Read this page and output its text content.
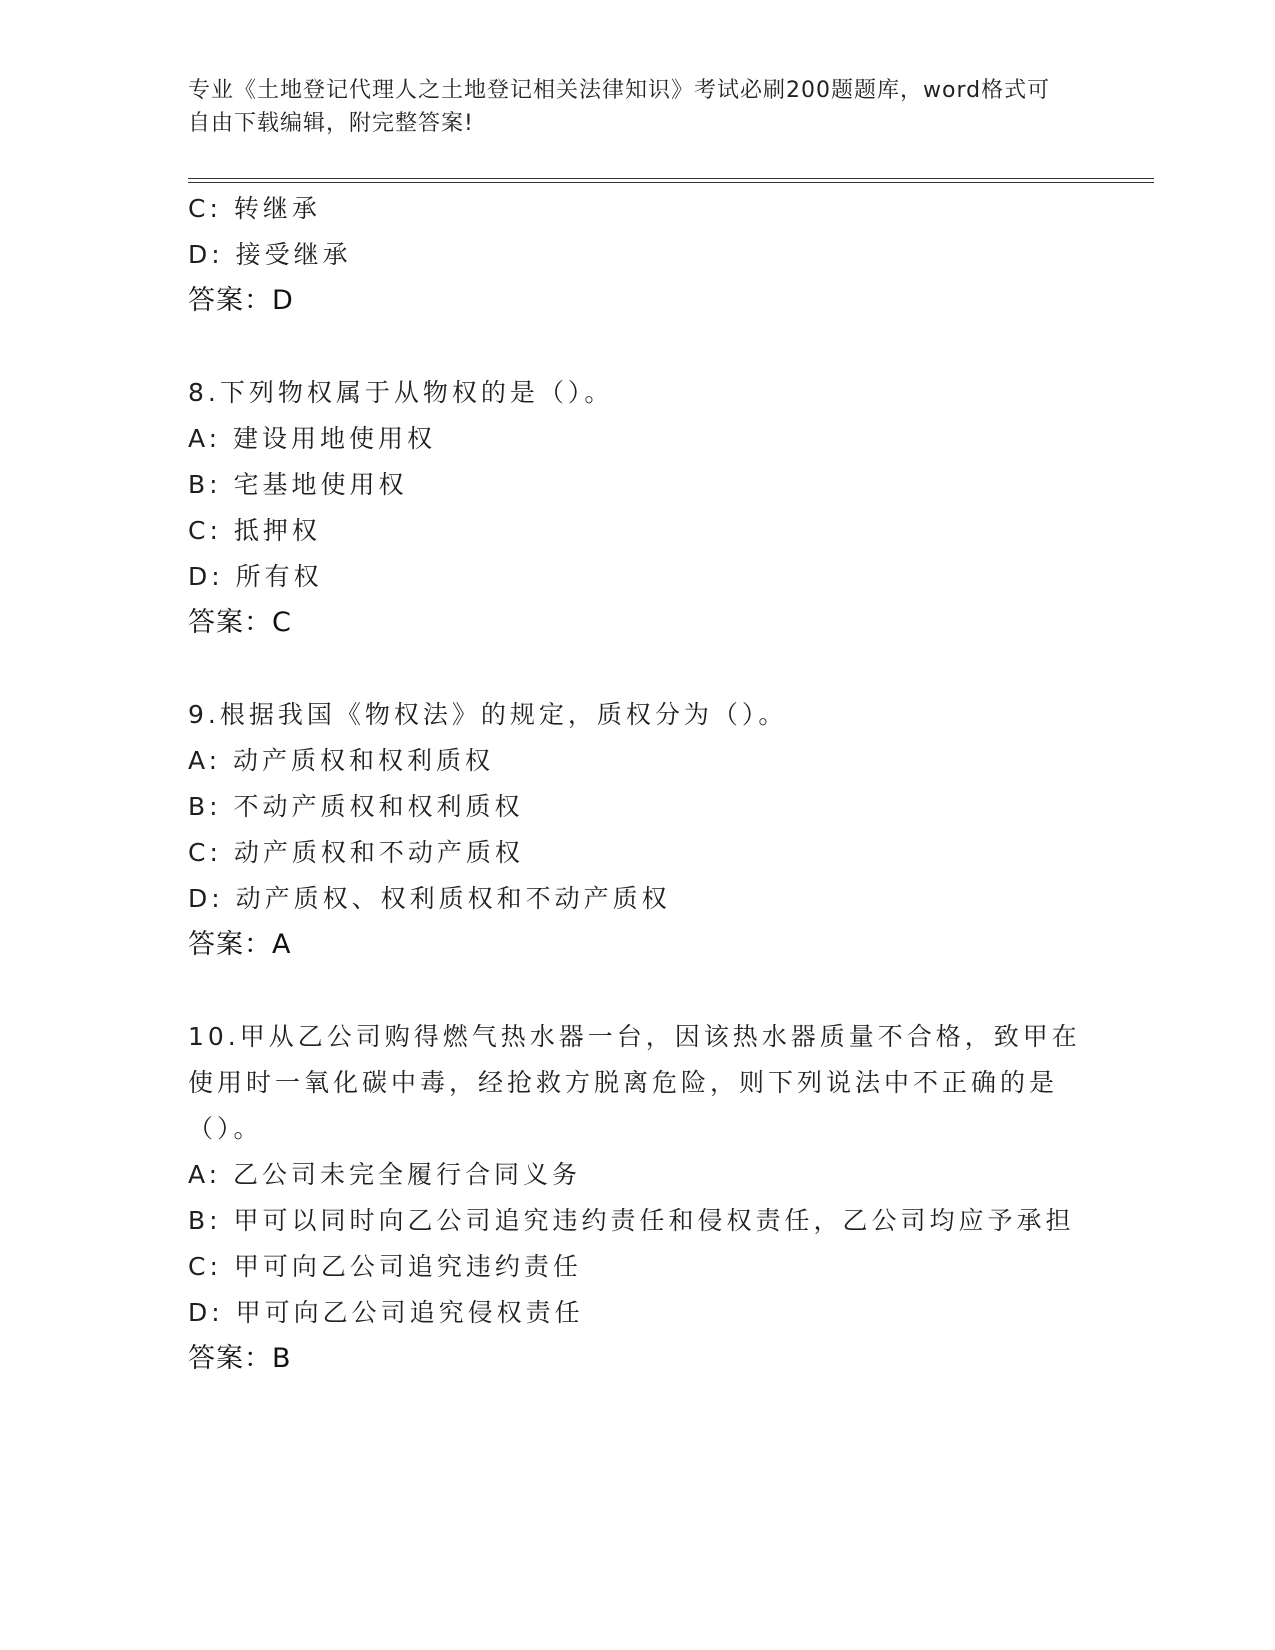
专业《土地登记代理人之土地登记相关法律知识》考试必刷200题题库，word格式可自由下载编辑，附完整答案!
C: 转继承
D: 接受继承
答案：D
8.下列物权属于从物权的是（）。
A: 建设用地使用权
B: 宅基地使用权
C: 抵押权
D: 所有权
答案：C
9.根据我国《物权法》的规定，质权分为（）。
A: 动产质权和权利质权
B: 不动产质权和权利质权
C: 动产质权和不动产质权
D: 动产质权、权利质权和不动产质权
答案：A
10.甲从乙公司购得燃气热水器一台，因该热水器质量不合格，致甲在使用时一氧化碳中毒，经抢救方脱离危险，则下列说法中不正确的是（）。
A: 乙公司未完全履行合同义务
B: 甲可以同时向乙公司追究违约责任和侵权责任，乙公司均应予承担
C: 甲可向乙公司追究违约责任
D: 甲可向乙公司追究侵权责任
答案：B
